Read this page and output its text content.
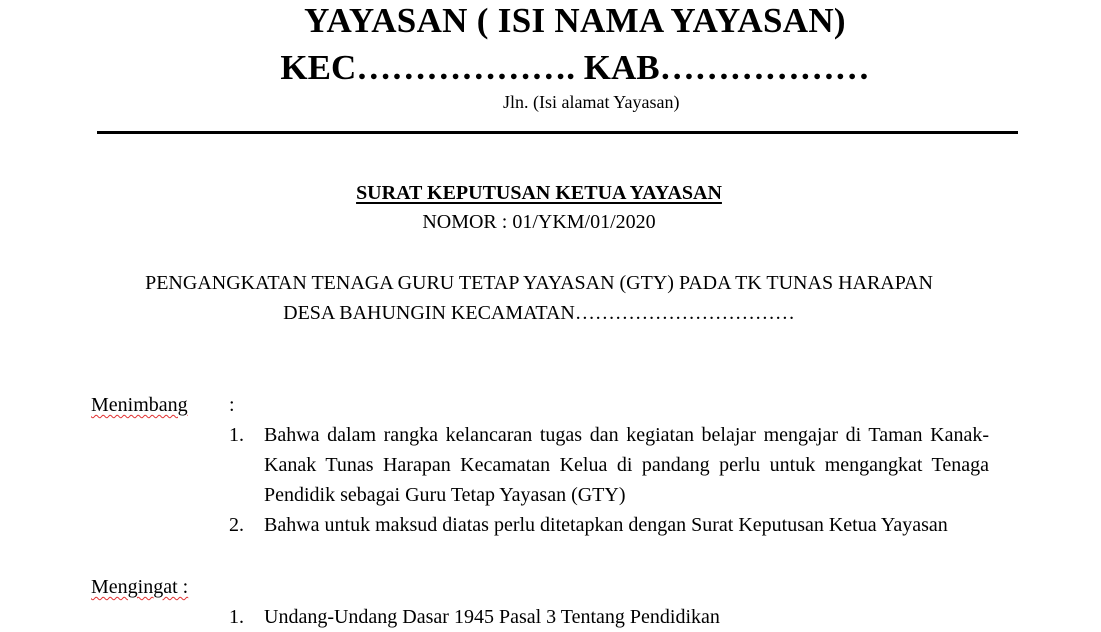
YAYASAN ( ISI NAMA YAYASAN)
KEC………………. KAB………………
Jln. (Isi alamat Yayasan)
SURAT KEPUTUSAN KETUA YAYASAN
NOMOR : 01/YKM/01/2020
PENGANGKATAN TENAGA GURU TETAP YAYASAN (GTY) PADA TK TUNAS HARAPAN
DESA BAHUNGIN KECAMATAN……………………………
Menimbang :
1. Bahwa dalam rangka kelancaran tugas dan kegiatan belajar mengajar di Taman Kanak-Kanak Tunas Harapan Kecamatan Kelua di pandang perlu untuk mengangkat Tenaga Pendidik sebagai Guru Tetap Yayasan (GTY)
2. Bahwa untuk maksud diatas perlu ditetapkan dengan Surat Keputusan Ketua Yayasan
Mengingat :
1. Undang-Undang Dasar 1945 Pasal 3 Tentang Pendidikan
